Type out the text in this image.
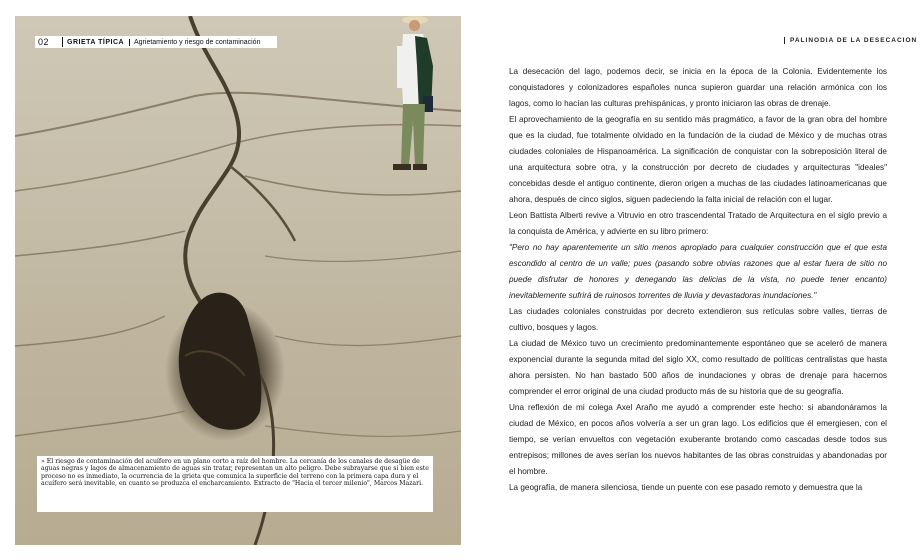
02	GRIETA TÍPICA	Agrietamiento y riesgo de contaminación
» El riesgo de contaminación del acuífero en un plano corto a raíz del hombre. La cercanía de los canales de desagüe de aguas negras y lagos de almacenamiento de aguas sin tratar, representan un alto peligro. Debe subrayarse que si bien este proceso no es inmediato, la ocurrencia de la grieta que comunica la superficie del terreno con la primera capa dura y el acuífero será inevitable, en cuanto se produzca el encharcamiento. Extracto de "Hacia el tercer milenio", Marcos Mazari.
PALINODIA DE LA DESECACION

La desecación del lago, podemos decir, se inicia en la época de la Colonia. Evidentemente los conquistadores y colonizadores españoles nunca supieron guardar una relación armónica con los lagos, como lo hacían las culturas prehispánicas, y pronto iniciaron las obras de drenaje.

El aprovechamiento de la geografía en su sentido más pragmático, a favor de la gran obra del hombre que es la ciudad, fue totalmente olvidado en la fundación de la ciudad de México y de muchas otras ciudades coloniales de Hispanoamérica. La significación de conquistar con la sobreposición literal de una arquitectura sobre otra, y la construcción por decreto de ciudades y arquitecturas "ideales" concebidas desde el antiguo continente, dieron origen a muchas de las ciudades latinoamericanas que ahora, después de cinco siglos, siguen padeciendo la falta inicial de relación con el lugar.

Leon Battista Alberti revive a Vitruvio en otro trascendental Tratado de Arquitectura en el siglo previo a la conquista de América, y advierte en su libro primero:

"Pero no hay aparentemente un sitio menos apropiado para cualquier construcción que el que esta escondido al centro de un valle; pues (pasando sobre obvias razones que al estar fuera de sitio no puede disfrutar de honores y denegando las delicias de la vista, no puede tener encanto) inevitablemente sufrirá de ruinosos torrentes de lluvia y devastadoras inundaciones."

Las ciudades coloniales construidas por decreto extendieron sus retículas sobre valles, tierras de cultivo, bosques y lagos.

La ciudad de México tuvo un crecimiento predominantemente espontáneo que se aceleró de manera exponencial durante la segunda mitad del siglo XX, como resultado de políticas centralistas que hasta ahora persisten. No han bastado 500 años de inundaciones y obras de drenaje para hacernos comprender el error original de una ciudad producto más de su historia que de su geografía.

Una reflexión de mi colega Axel Araño me ayudó a comprender este hecho: si abandonáramos la ciudad de México, en pocos años volvería a ser un gran lago. Los edificios que él emergiesen, con el tiempo, se verían envueltos con vegetación exuberante brotando como cascadas desde todos sus entrepisos; millones de aves serían los nuevos habitantes de las obras construidas y abandonadas por el hombre.

La geografía, de manera silenciosa, tiende un puente con ese pasado remoto y demuestra que la
